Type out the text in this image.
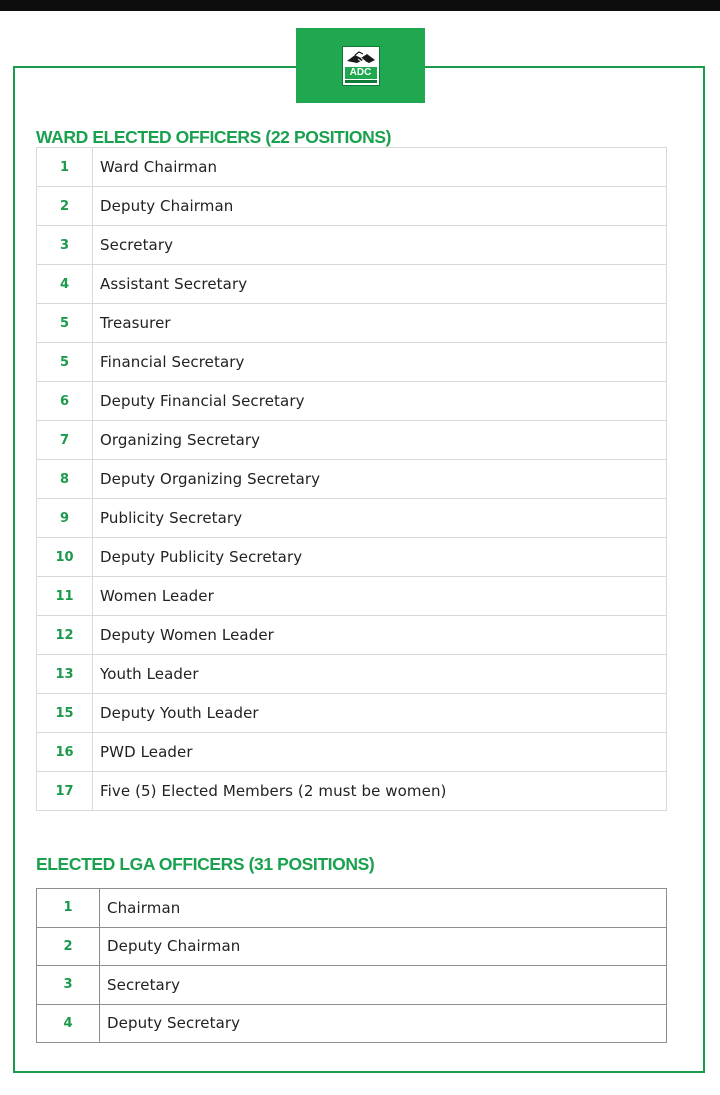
ADC
WARD ELECTED OFFICERS (22 POSITIONS)
1	Ward Chairman
2	Deputy Chairman
3	Secretary
4	Assistant Secretary
5	Treasurer
5	Financial Secretary
6	Deputy Financial Secretary
7	Organizing Secretary
8	Deputy Organizing Secretary
9	Publicity Secretary
10	Deputy Publicity Secretary
11	Women Leader
12	Deputy Women Leader
13	Youth Leader
15	Deputy Youth Leader
16	PWD Leader
17	Five (5) Elected Members (2 must be women)
ELECTED LGA OFFICERS (31 POSITIONS)
1	Chairman
2	Deputy Chairman
3	Secretary
4	Deputy Secretary
